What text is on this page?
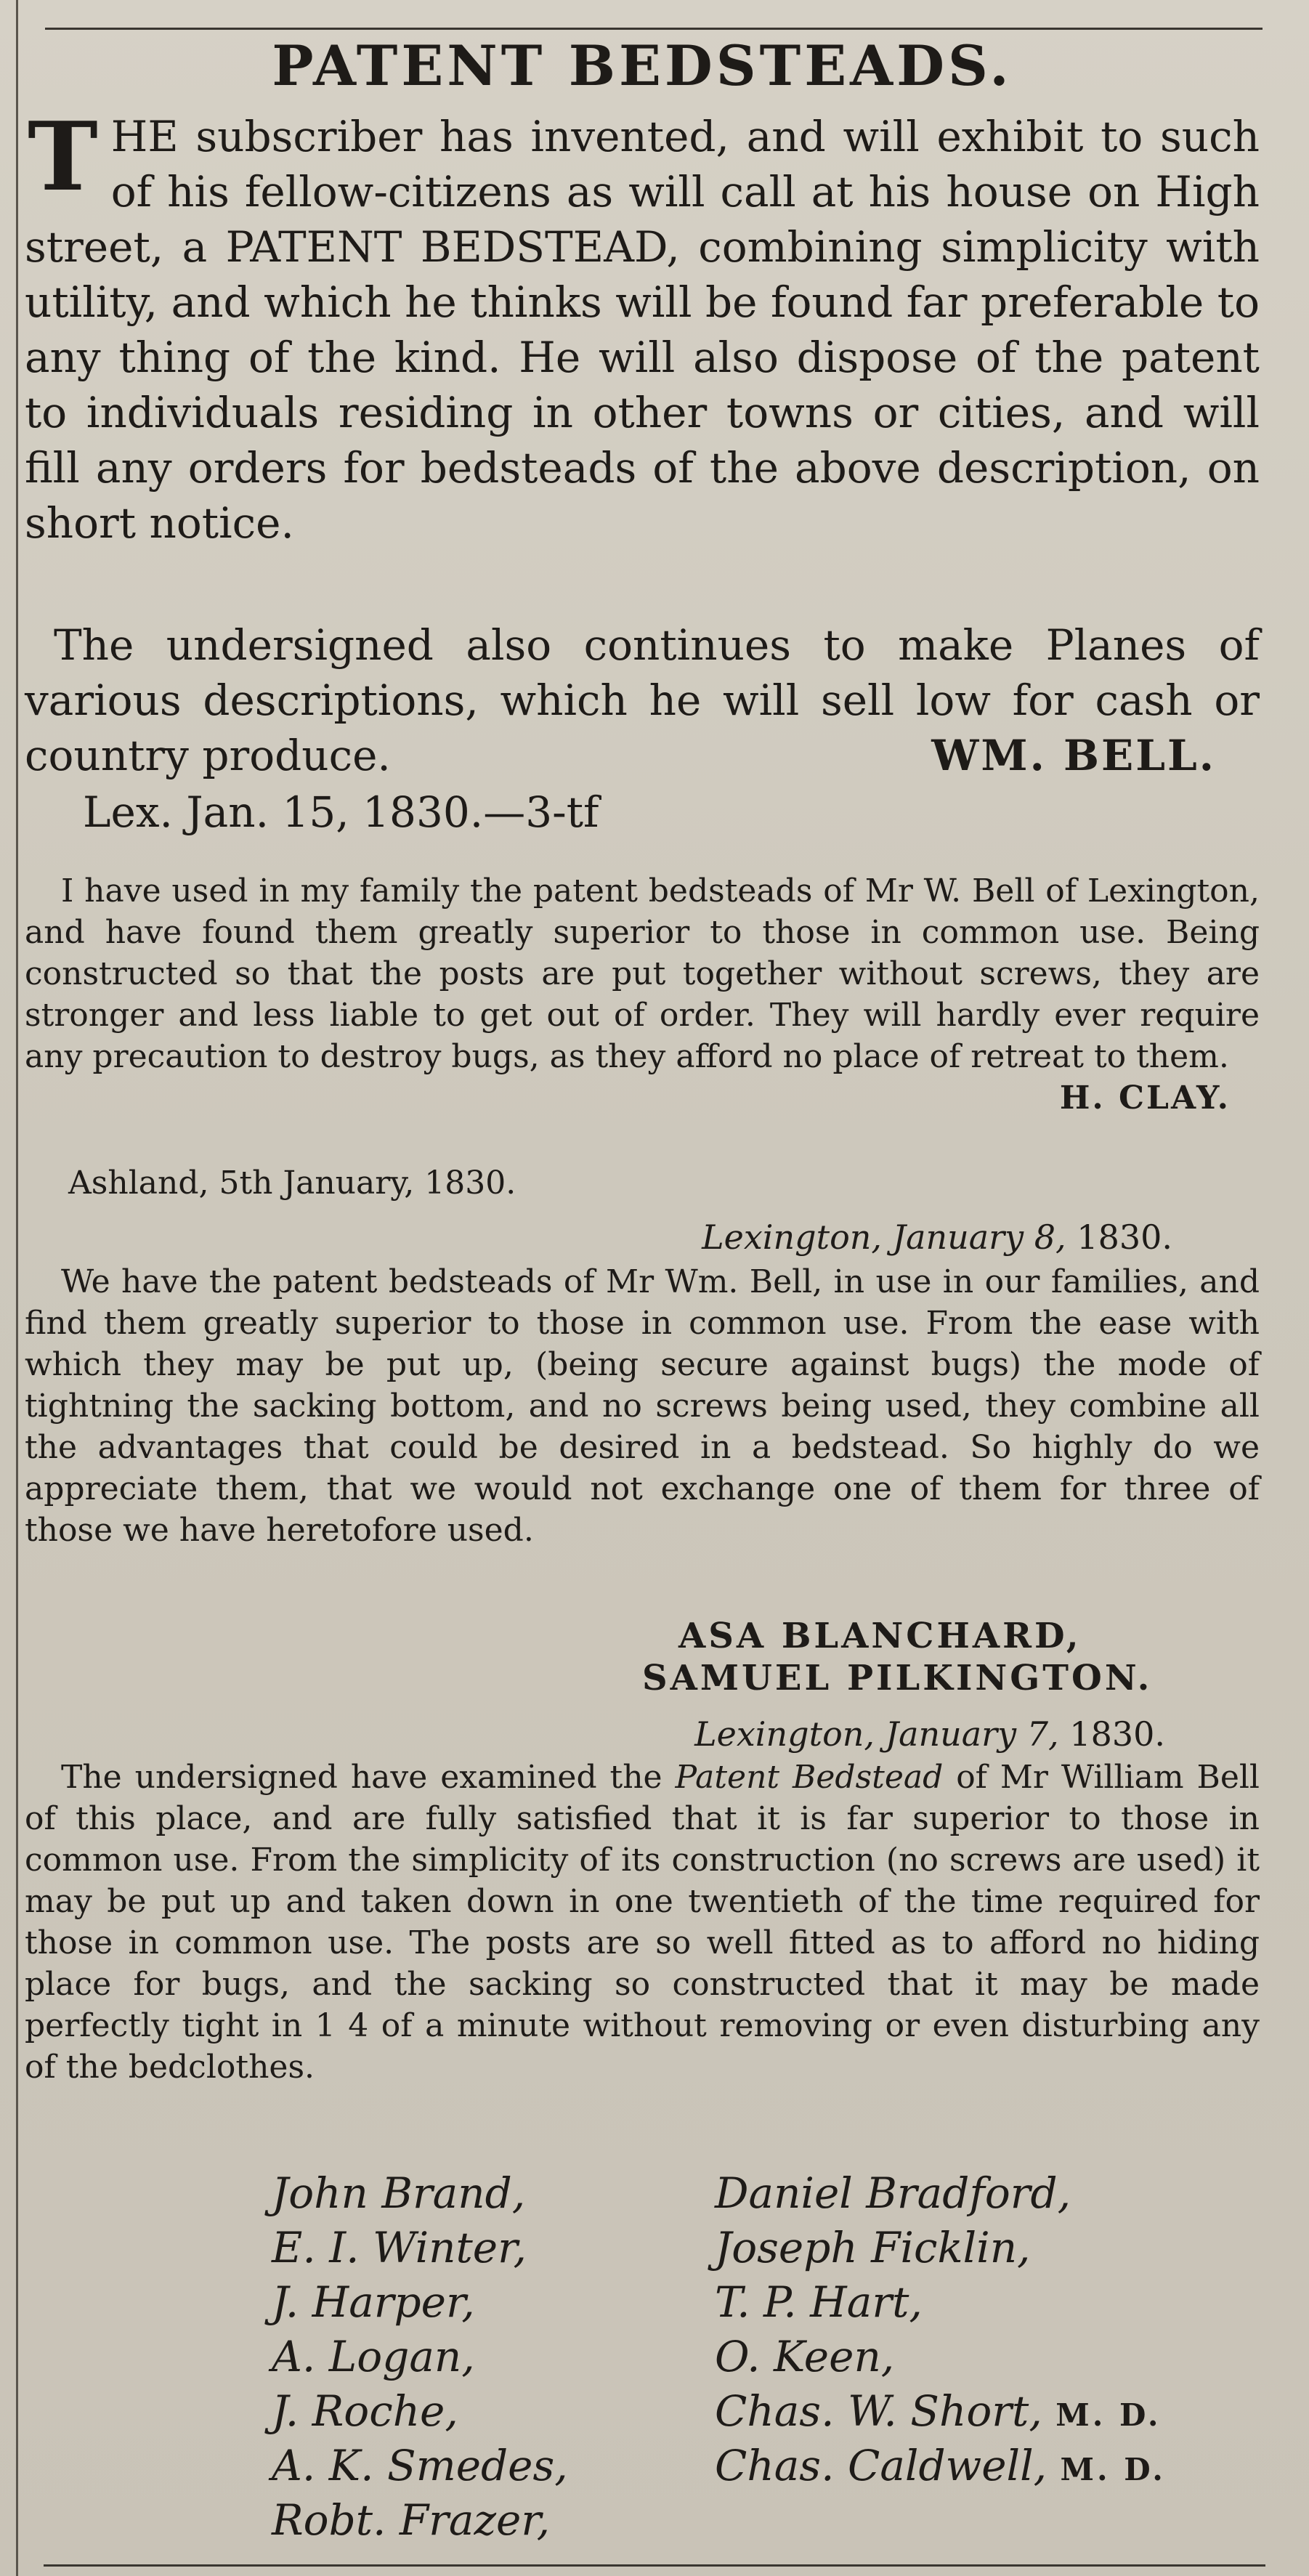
PATENT BEDSTEADS.
THE subscriber has invented, and will exhibit to such of his fellow-citizens as will call at his house on High street, a PATENT BEDSTEAD, combining simplicity with utility, and which he thinks will be found far preferable to any thing of the kind. He will also dispose of the patent to individuals residing in other towns or cities, and will fill any orders for bedsteads of the above description, on short notice.
The undersigned also continues to make Planes of various descriptions, which he will sell low for cash or country produce.	WM. BELL.
Lex. Jan. 15, 1830.—3-tf
I have used in my family the patent bedsteads of Mr W. Bell of Lexington, and have found them greatly superior to those in common use. Being constructed so that the posts are put together without screws, they are stronger and less liable to get out of order. They will hardly ever require any precaution to destroy bugs, as they afford no place of retreat to them.
H. CLAY.
Ashland, 5th January, 1830.
Lexington, January 8, 1830.
We have the patent bedsteads of Mr Wm. Bell, in use in our families, and find them greatly superior to those in common use. From the ease with which they may be put up, (being secure against bugs) the mode of tightning the sacking bottom, and no screws being used, they combine all the advantages that could be desired in a bedstead. So highly do we appreciate them, that we would not exchange one of them for three of those we have heretofore used.
ASA BLANCHARD,
SAMUEL PILKINGTON.
Lexington, January 7, 1830.
The undersigned have examined the Patent Bedstead of Mr William Bell of this place, and are fully satisfied that it is far superior to those in common use. From the simplicity of its construction (no screws are used) it may be put up and taken down in one twentieth of the time required for those in common use. The posts are so well fitted as to afford no hiding place for bugs, and the sacking so constructed that it may be made perfectly tight in 1 4 of a minute without removing or even disturbing any of the bedclothes.
John Brand,
E. I. Winter,
J. Harper,
A. Logan,
J. Roche,
A. K. Smedes,
Robt. Frazer,
Daniel Bradford,
Joseph Ficklin,
T. P. Hart,
O. Keen,
Chas. W. Short, M. D.
Chas. Caldwell, M. D.
